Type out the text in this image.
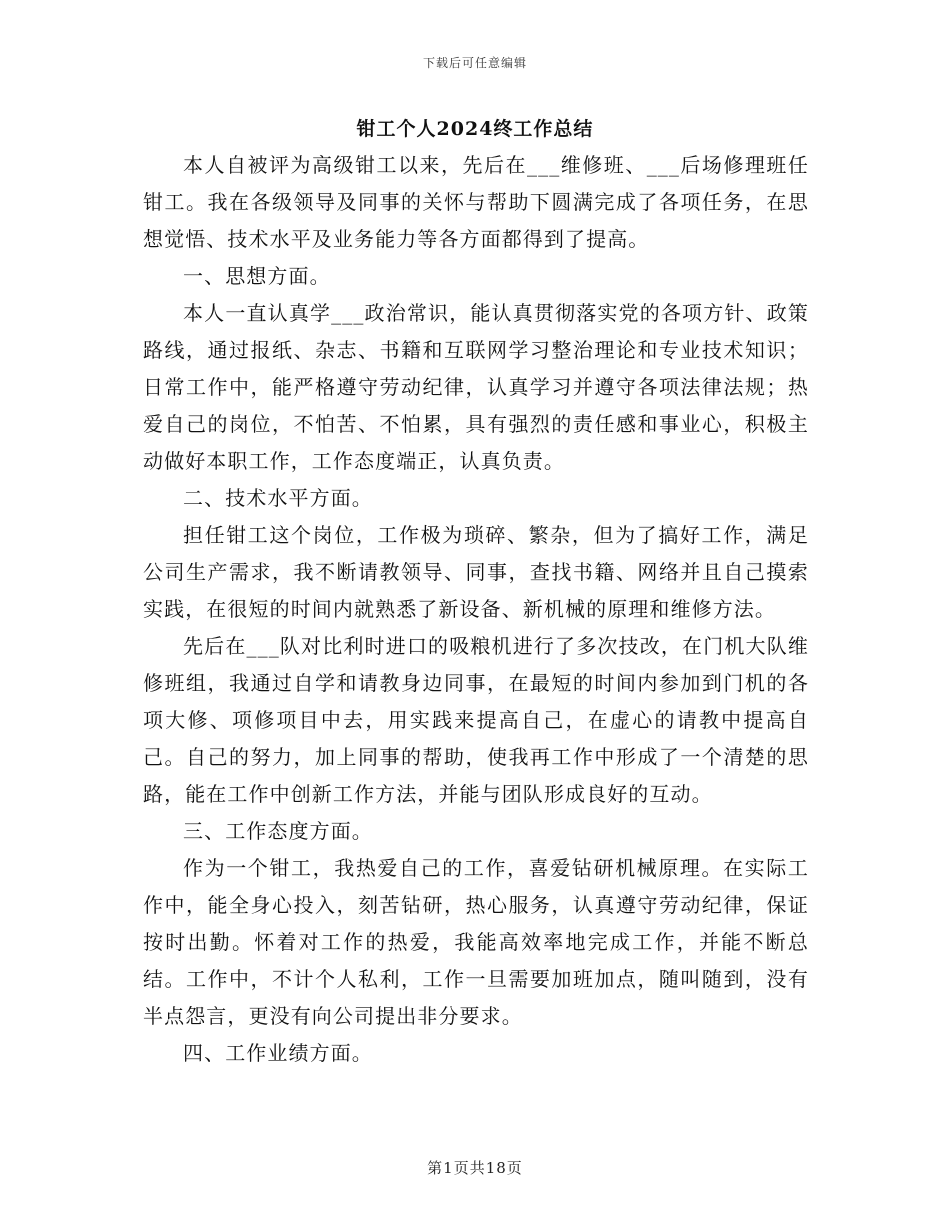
下载后可任意编辑
钳工个人2024终工作总结

本人自被评为高级钳工以来，先后在___维修班、___后场修理班任钳工。我在各级领导及同事的关怀与帮助下圆满完成了各项任务，在思想觉悟、技术水平及业务能力等各方面都得到了提高。

一、思想方面。

本人一直认真学___政治常识，能认真贯彻落实党的各项方针、政策路线，通过报纸、杂志、书籍和互联网学习整治理论和专业技术知识；日常工作中，能严格遵守劳动纪律，认真学习并遵守各项法律法规；热爱自己的岗位，不怕苦、不怕累，具有强烈的责任感和事业心，积极主动做好本职工作，工作态度端正，认真负责。

二、技术水平方面。

担任钳工这个岗位，工作极为琐碎、繁杂，但为了搞好工作，满足公司生产需求，我不断请教领导、同事，查找书籍、网络并且自己摸索实践，在很短的时间内就熟悉了新设备、新机械的原理和维修方法。

先后在___队对比利时进口的吸粮机进行了多次技改，在门机大队维修班组，我通过自学和请教身边同事，在最短的时间内参加到门机的各项大修、项修项目中去，用实践来提高自己，在虚心的请教中提高自己。自己的努力，加上同事的帮助，使我再工作中形成了一个清楚的思路，能在工作中创新工作方法，并能与团队形成良好的互动。

三、工作态度方面。

作为一个钳工，我热爱自己的工作，喜爱钻研机械原理。在实际工作中，能全身心投入，刻苦钻研，热心服务，认真遵守劳动纪律，保证按时出勤。怀着对工作的热爱，我能高效率地完成工作，并能不断总结。工作中，不计个人私利，工作一旦需要加班加点，随叫随到，没有半点怨言，更没有向公司提出非分要求。

四、工作业绩方面。

第1页共18页
